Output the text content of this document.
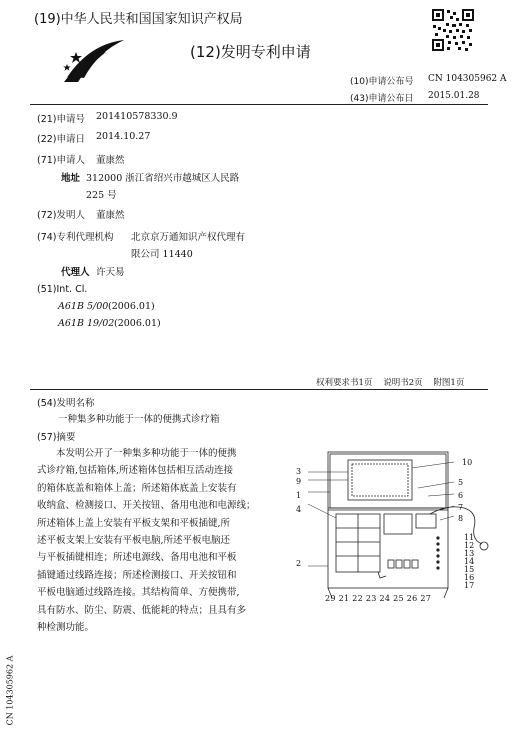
(19)中华人民共和国国家知识产权局
(12)发明专利申请
(10)申请公布号 CN 104305962 A
(43)申请公布日 2015.01.28
(21)申请号 201410578330.9
(22)申请日 2014.10.27
(71)申请人 董康然
地址 312000 浙江省绍兴市越城区人民路
225 号
(72)发明人 董康然
(74)专利代理机构 北京京万通知识产权代理有
限公司 11440
代理人 许天易
(51)Int. Cl.
A61B 5/00 (2006.01)
A61B 19/02 (2006.01)
权利要求书1页    说明书2页    附图1页
(54)发明名称
一种集多种功能于一体的便携式诊疗箱
(57)摘要
本发明公开了一种集多种功能于一体的便携
式诊疗箱,包括箱体,所述箱体包括相互活动连接
的箱体底盖和箱体上盖；所述箱体底盖上安装有
收纳盒、检测接口、开关按钮、备用电池和电源线；
所述箱体上盖上安装有平板支架和平板插键,所
述平板支架上安装有平板电脑,所述平板电脑还
与平板插键相连；所述电源线、备用电池和平板
插键通过线路连接；所述检测接口、开关按钮和
平板电脑通过线路连接。其结构简单、方便携带,
具有防水、防尘、防震、低能耗的特点；且具有多
种检测功能。
3
9
1
4
2
10
5
6
7
8
11
12
13
14
15
16
17
29 21 22 23 24 25 26 27
CN 104305962 A
